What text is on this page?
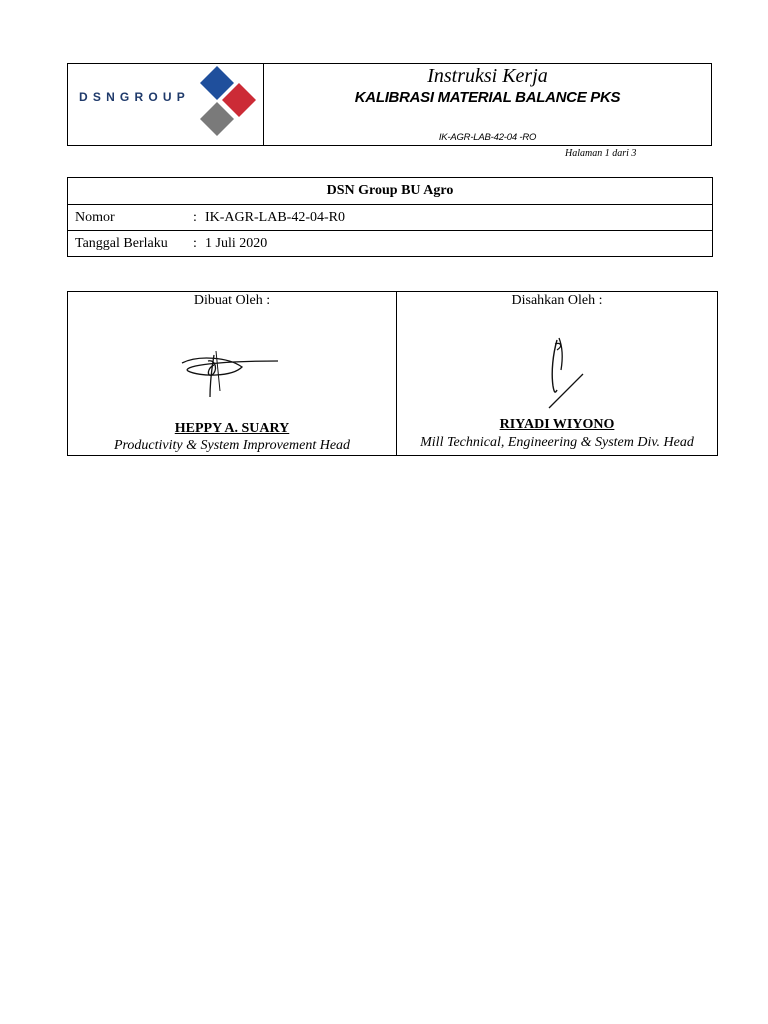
DSNGROUP
Instruksi Kerja
KALIBRASI MATERIAL BALANCE PKS
IK-AGR-LAB-42-04 -RO
Halaman 1 dari 3
DSN Group BU Agro
Nomor	: IK-AGR-LAB-42-04-R0
Tanggal Berlaku : 1 Juli 2020
Dibuat Oleh :
HEPPY A. SUARY
Productivity & System Improvement Head

Disahkan Oleh :
RIYADI WIYONO
Mill Technical, Engineering & System Div. Head
